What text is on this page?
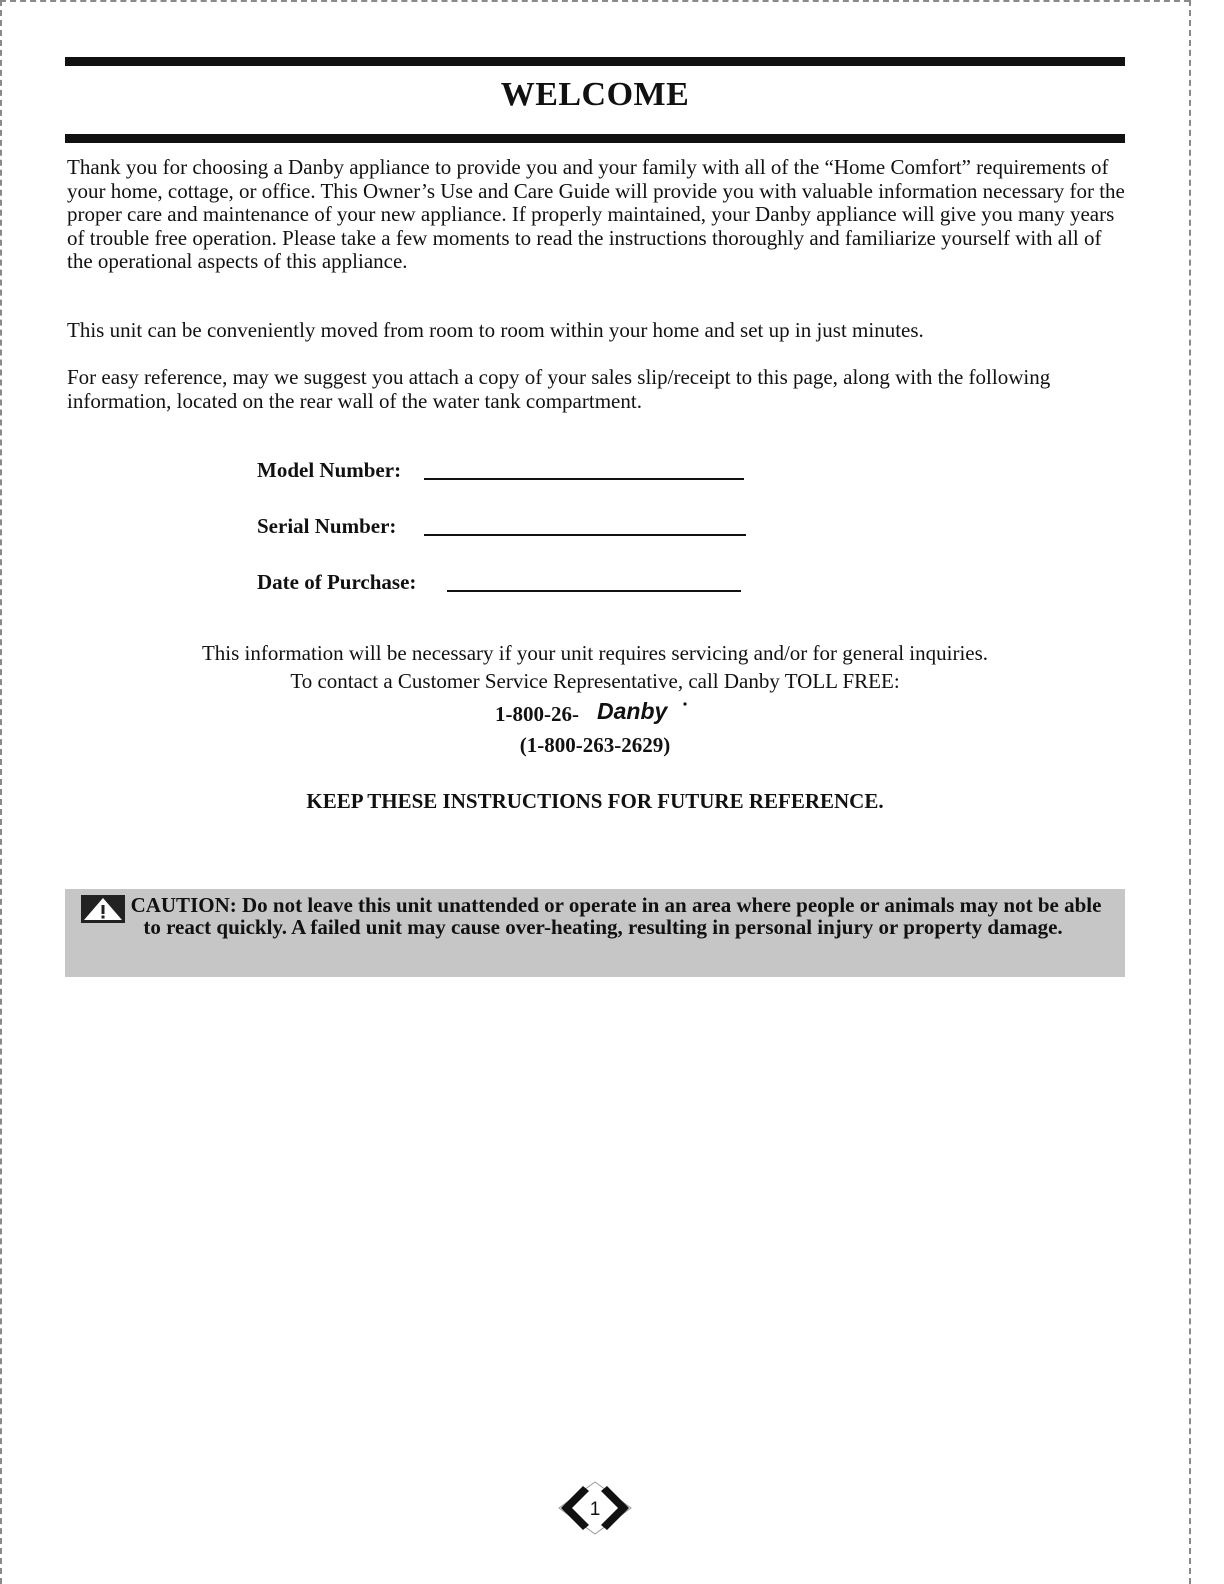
WELCOME

Thank you for choosing a Danby appliance to provide you and your family with all of the “Home Comfort” requirements of your home, cottage, or office. This Owner’s Use and Care Guide will provide you with valuable information necessary for the proper care and maintenance of your new appliance. If properly maintained, your Danby appliance will give you many years of trouble free operation. Please take a few moments to read the instructions thoroughly and familiarize yourself with all of the operational aspects of this appliance.

This unit can be conveniently moved from room to room within your home and set up in just minutes.

For easy reference, may we suggest you attach a copy of your sales slip/receipt to this page, along with the following information, located on the rear wall of the water tank compartment.

Model Number:
Serial Number:
Date of Purchase:
This information will be necessary if your unit requires servicing and/or for general inquiries.
To contact a Customer Service Representative, call Danby TOLL FREE:
1-800-26- Danby
(1-800-263-2629)
KEEP THESE INSTRUCTIONS FOR FUTURE REFERENCE.
CAUTION: Do not leave this unit unattended or operate in an area where people or animals may not be able to react quickly. A failed unit may cause over-heating, resulting in personal injury or property damage.
1
